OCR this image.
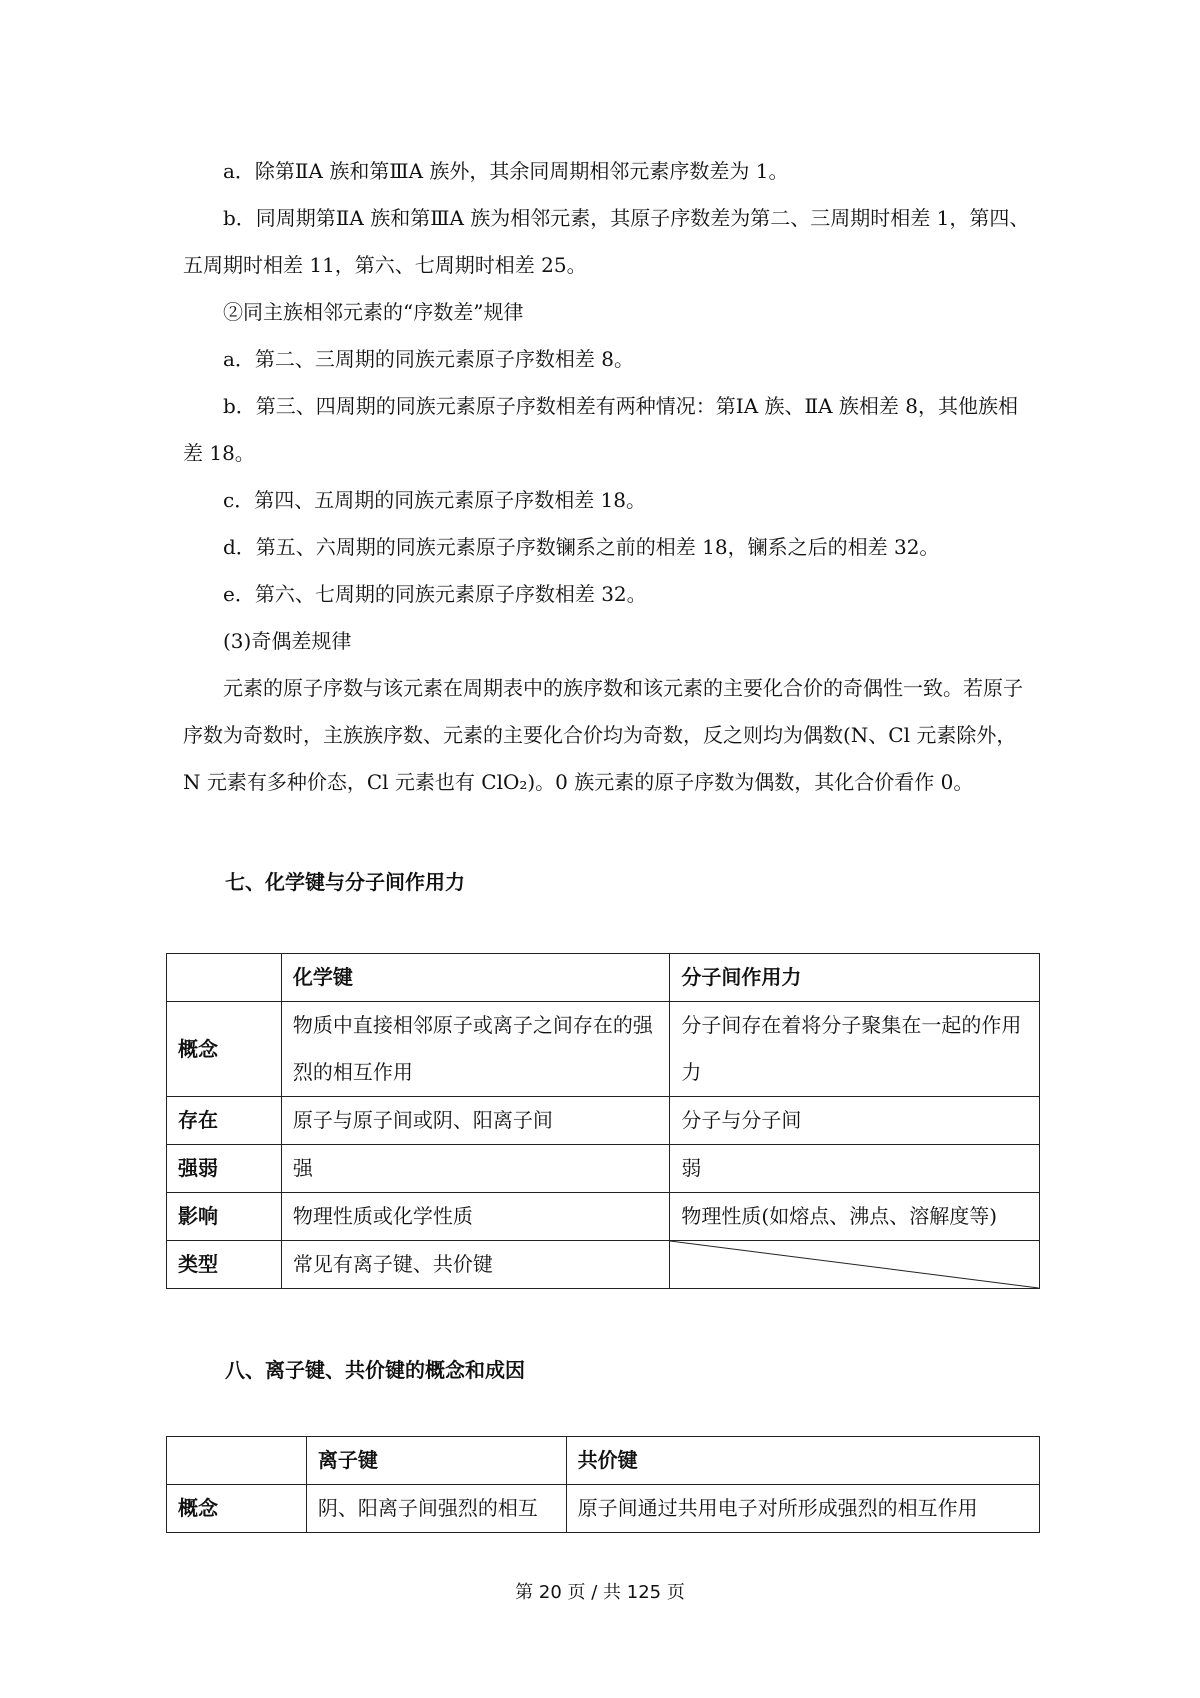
a．除第ⅡA 族和第ⅢA 族外，其余同周期相邻元素序数差为 1。

b．同周期第ⅡA 族和第ⅢA 族为相邻元素，其原子序数差为第二、三周期时相差 1，第四、五周期时相差 11，第六、七周期时相差 25。

②同主族相邻元素的“序数差”规律

a．第二、三周期的同族元素原子序数相差 8。

b．第三、四周期的同族元素原子序数相差有两种情况：第ⅠA 族、ⅡA 族相差 8，其他族相差 18。

c．第四、五周期的同族元素原子序数相差 18。

d．第五、六周期的同族元素原子序数镧系之前的相差 18，镧系之后的相差 32。

e．第六、七周期的同族元素原子序数相差 32。

(3)奇偶差规律

元素的原子序数与该元素在周期表中的族序数和该元素的主要化合价的奇偶性一致。若原子序数为奇数时，主族族序数、元素的主要化合价均为奇数，反之则均为偶数(N、Cl 元素除外，N 元素有多种价态，Cl 元素也有 ClO₂)。0 族元素的原子序数为偶数，其化合价看作 0。

七、化学键与分子间作用力
	化学键	分子间作用力
概念	物质中直接相邻原子或离子之间存在的强烈的相互作用	分子间存在着将分子聚集在一起的作用力
存在	原子与原子间或阴、阳离子间	分子与分子间
强弱	强	弱
影响	物理性质或化学性质	物理性质(如熔点、沸点、溶解度等)
类型	常见有离子键、共价键	
八、离子键、共价键的概念和成因
	离子键	共价键
概念	阴、阳离子间强烈的相互	原子间通过共用电子对所形成强烈的相互作用
第 20 页 / 共 125 页
